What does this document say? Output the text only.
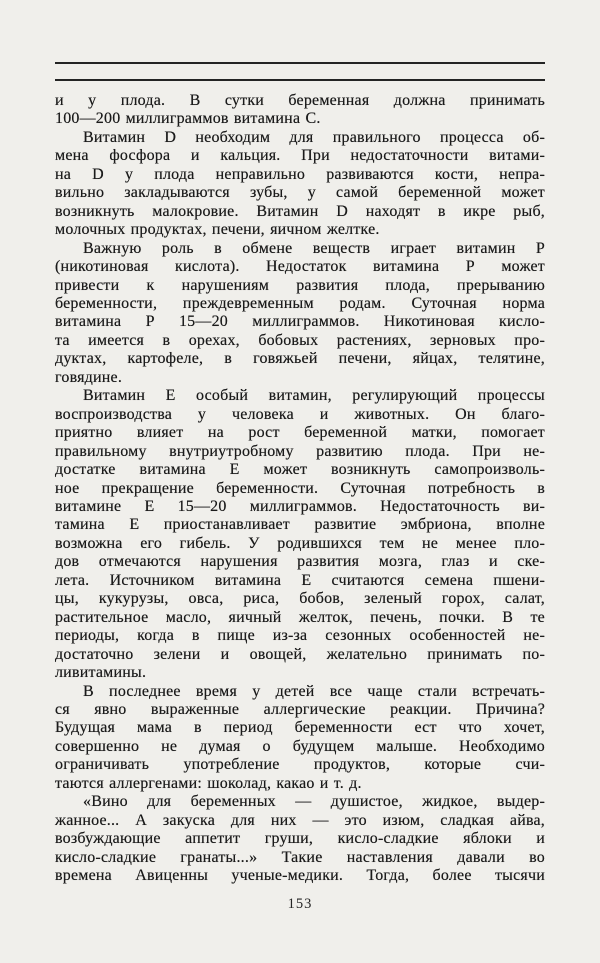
и у плода. В сутки беременная должна принимать
100—200 миллиграммов витамина С.
Витамин D необходим для правильного процесса об-
мена фосфора и кальция. При недостаточности витами-
на D у плода неправильно развиваются кости, непра-
вильно закладываются зубы, у самой беременной может
возникнуть малокровие. Витамин D находят в икре рыб,
молочных продуктах, печени, яичном желтке.
Важную роль в обмене веществ играет витамин Р
(никотиновая кислота). Недостаток витамина Р может
привести к нарушениям развития плода, прерыванию
беременности, преждевременным родам. Суточная норма
витамина Р 15—20 миллиграммов. Никотиновая кисло-
та имеется в орехах, бобовых растениях, зерновых про-
дуктах, картофеле, в говяжьей печени, яйцах, телятине,
говядине.
Витамин Е особый витамин, регулирующий процессы
воспроизводства у человека и животных. Он благо-
приятно влияет на рост беременной матки, помогает
правильному внутриутробному развитию плода. При не-
достатке витамина Е может возникнуть самопроизволь-
ное прекращение беременности. Суточная потребность в
витамине Е 15—20 миллиграммов. Недостаточность ви-
тамина Е приостанавливает развитие эмбриона, вполне
возможна его гибель. У родившихся тем не менее пло-
дов отмечаются нарушения развития мозга, глаз и ске-
лета. Источником витамина Е считаются семена пшени-
цы, кукурузы, овса, риса, бобов, зеленый горох, салат,
растительное масло, яичный желток, печень, почки. В те
периоды, когда в пище из-за сезонных особенностей не-
достаточно зелени и овощей, желательно принимать по-
ливитамины.
В последнее время у детей все чаще стали встречать-
ся явно выраженные аллергические реакции. Причина?
Будущая мама в период беременности ест что хочет,
совершенно не думая о будущем малыше. Необходимо
ограничивать употребление продуктов, которые счи-
таются аллергенами: шоколад, какао и т. д.
«Вино для беременных — душистое, жидкое, выдер-
жанное... А закуска для них — это изюм, сладкая айва,
возбуждающие аппетит груши, кисло-сладкие яблоки и
кисло-сладкие гранаты...» Такие наставления давали во
времена Авиценны ученые-медики. Тогда, более тысячи
153
